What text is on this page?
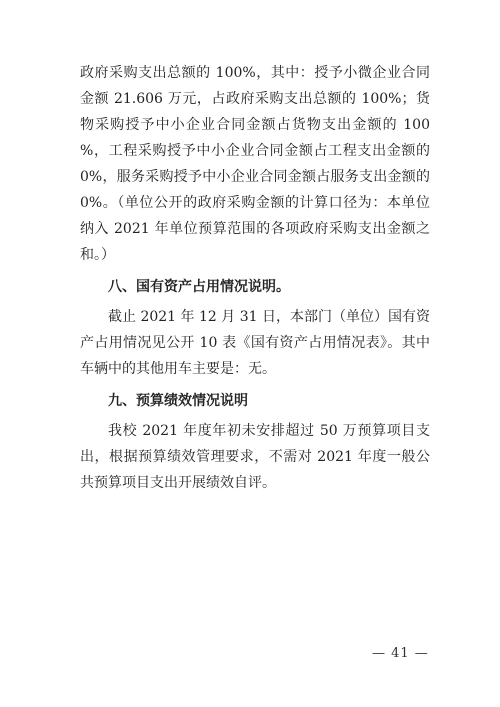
政府采购支出总额的 100%，其中：授予小微企业合同金额 21.606 万元，占政府采购支出总额的 100%；货物采购授予中小企业合同金额占货物支出金额的 100 %，工程采购授予中小企业合同金额占工程支出金额的 0%，服务采购授予中小企业合同金额占服务支出金额的 0%。（单位公开的政府采购金额的计算口径为：本单位纳入 2021 年单位预算范围的各项政府采购支出金额之和。）

八、国有资产占用情况说明。

截止 2021 年 12 月 31 日，本部门（单位）国有资产占用情况见公开 10 表《国有资产占用情况表》。其中车辆中的其他用车主要是：无。

九、预算绩效情况说明

我校 2021 年度年初未安排超过 50 万预算项目支出，根据预算绩效管理要求，不需对 2021 年度一般公共预算项目支出开展绩效自评。

— 41 —
